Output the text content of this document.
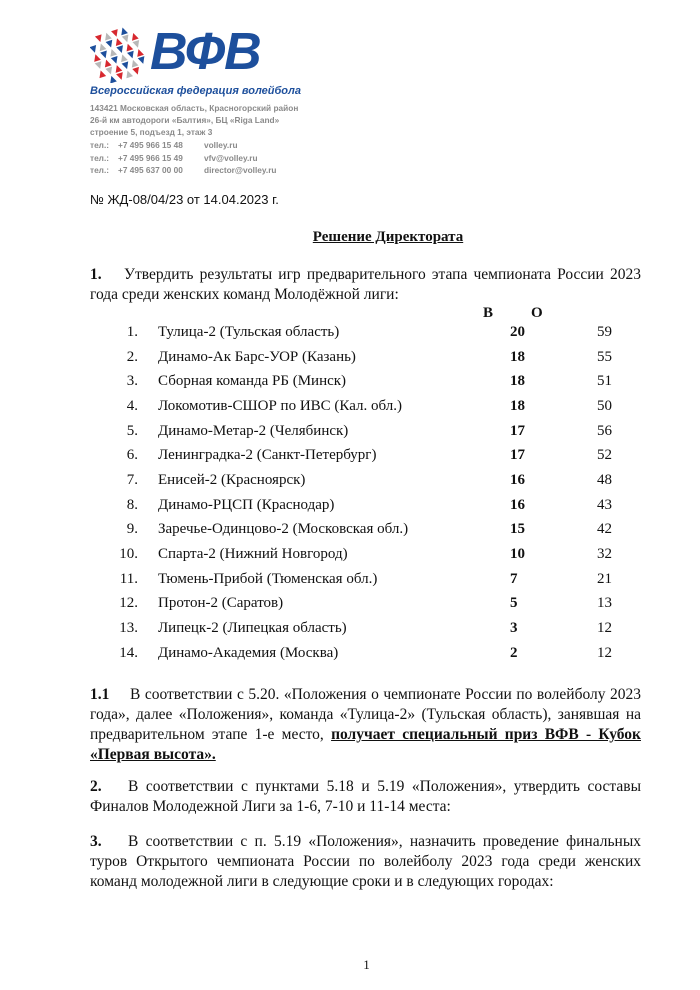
ВФВ
Всероссийская федерация волейбола
143421 Московская область, Красногорский район
26-й км автодороги «Балтия», БЦ «Riga Land»
строение 5, подъезд 1, этаж 3
тел.:	+7 495 966 15 48	volley.ru
тел.:	+7 495 966 15 49	vfv@volley.ru
тел.:	+7 495 637 00 00	director@volley.ru
№ ЖД-08/04/23 от 14.04.2023 г.
Решение Директората
1. Утвердить результаты игр предварительного этапа чемпионата России 2023 года среди женских команд Молодёжной лиги:
В	О
1.	Тулица-2 (Тульская область)	20	59
2.	Динамо-Ак Барс-УОР (Казань)	18	55
3.	Сборная команда РБ (Минск)	18	51
4.	Локомотив-СШОР по ИВС (Кал. обл.)	18	50
5.	Динамо-Метар-2 (Челябинск)	17	56
6.	Ленинградка-2 (Санкт-Петербург)	17	52
7.	Енисей-2 (Красноярск)	16	48
8.	Динамо-РЦСП (Краснодар)	16	43
9.	Заречье-Одинцово-2 (Московская обл.)	15	42
10.	Спарта-2 (Нижний Новгород)	10	32
11.	Тюмень-Прибой (Тюменская обл.)	7	21
12.	Протон-2 (Саратов)	5	13
13.	Липецк-2 (Липецкая область)	3	12
14.	Динамо-Академия (Москва)	2	12
1.1 В соответствии с 5.20. «Положения о чемпионате России по волейболу 2023 года», далее «Положения», команда «Тулица-2» (Тульская область), занявшая на предварительном этапе 1-е место, получает специальный приз ВФВ - Кубок «Первая высота».
2. В соответствии с пунктами 5.18 и 5.19 «Положения», утвердить составы Финалов Молодежной Лиги за 1-6, 7-10 и 11-14 места:
3. В соответствии с п. 5.19 «Положения», назначить проведение финальных туров Открытого чемпионата России по волейболу 2023 года среди женских команд молодежной лиги в следующие сроки и в следующих городах:
1
